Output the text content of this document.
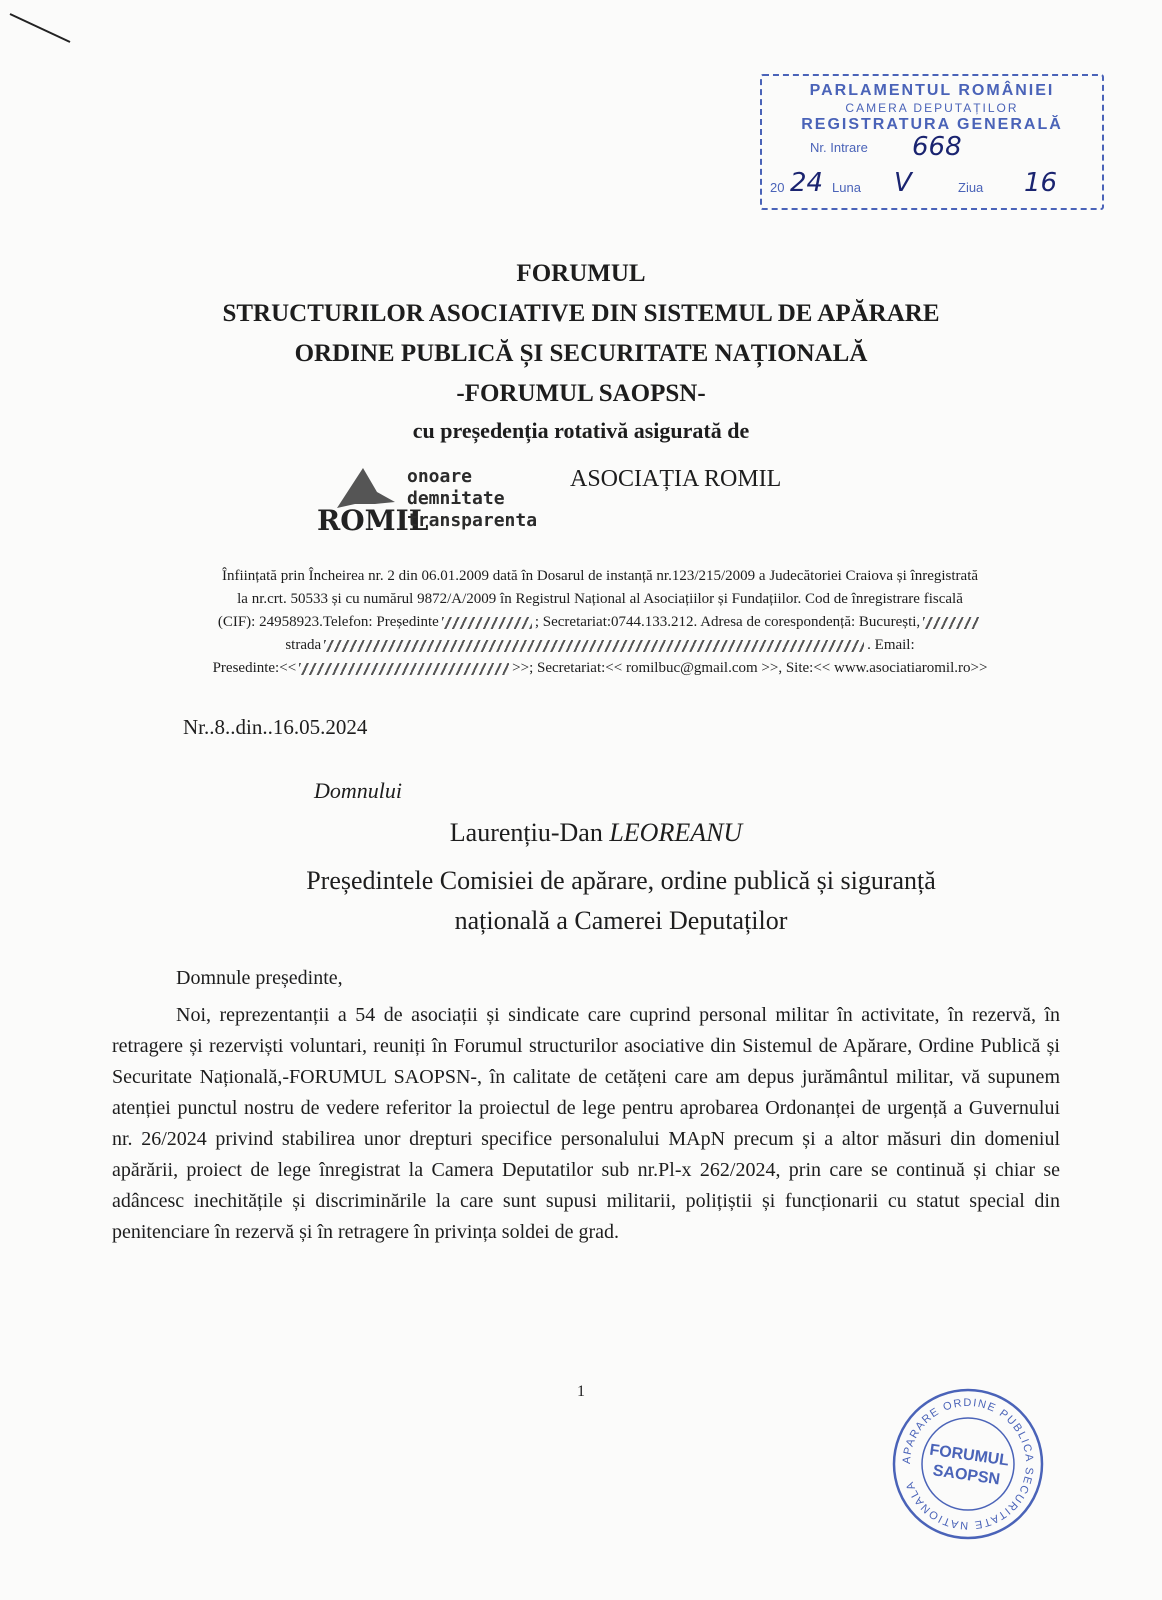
PARLAMENTUL ROMÂNIEI
CAMERA DEPUTAȚILOR
REGISTRATURA GENERALĂ
Nr. Intrare 668
20 24 Luna V	Ziua 16
FORUMUL
STRUCTURILOR ASOCIATIVE DIN SISTEMUL DE APĂRARE
ORDINE PUBLICĂ ȘI SECURITATE NAȚIONALĂ
-FORUMUL SAOPSN-
cu președenția rotativă asigurată de
ROMIL
onoare
demnitate
transparenta
ASOCIAȚIA ROMIL
Înființată prin Încheirea nr. 2 din 06.01.2009 dată în Dosarul de instanță nr.123/215/2009 a Judecătoriei Craiova și înregistrată
la nr.crt. 50533 și cu numărul 9872/A/2009 în Registrul Național al Asociațiilor și Fundațiilor. Cod de înregistrare fiscală
(CIF): 24958923.Telefon: Președinte	; Secretariat:0744.133.212. Adresa de corespondență: București,
strada	. Email:
Presedinte:<<	>>; Secretariat:<< romilbuc@gmail.com >>, Site:<< www.asociatiaromil.ro>>
Nr..8..din..16.05.2024
Domnului
Laurențiu-Dan LEOREANU
Președintele Comisiei de apărare, ordine publică și siguranță
națională a Camerei Deputaților
Domnule președinte,
Noi, reprezentanții a 54 de asociații și sindicate care cuprind personal militar în activitate, în rezervă, în retragere și rezerviști voluntari, reuniți în Forumul structurilor asociative din Sistemul de Apărare, Ordine Publică și Securitate Națională,-FORUMUL SAOPSN-, în calitate de cetățeni care am depus jurământul militar, vă supunem atenției punctul nostru de vedere referitor la proiectul de lege pentru aprobarea Ordonanței de urgență a Guvernului nr. 26/2024 privind stabilirea unor drepturi specifice personalului MApN precum și a altor măsuri din domeniul apărării, proiect de lege înregistrat la Camera Deputatilor sub nr.Pl-x 262/2024, prin care se continuă și chiar se adâncesc inechitățile și discriminările la care sunt supusi militarii, polițiștii și funcționarii cu statut special din penitenciare în rezervă și în retragere în privința soldei de grad.
1
APARARE ORDINE PUBLICA SECURITATE NATIONALA
FORUMUL
SAOPSN
